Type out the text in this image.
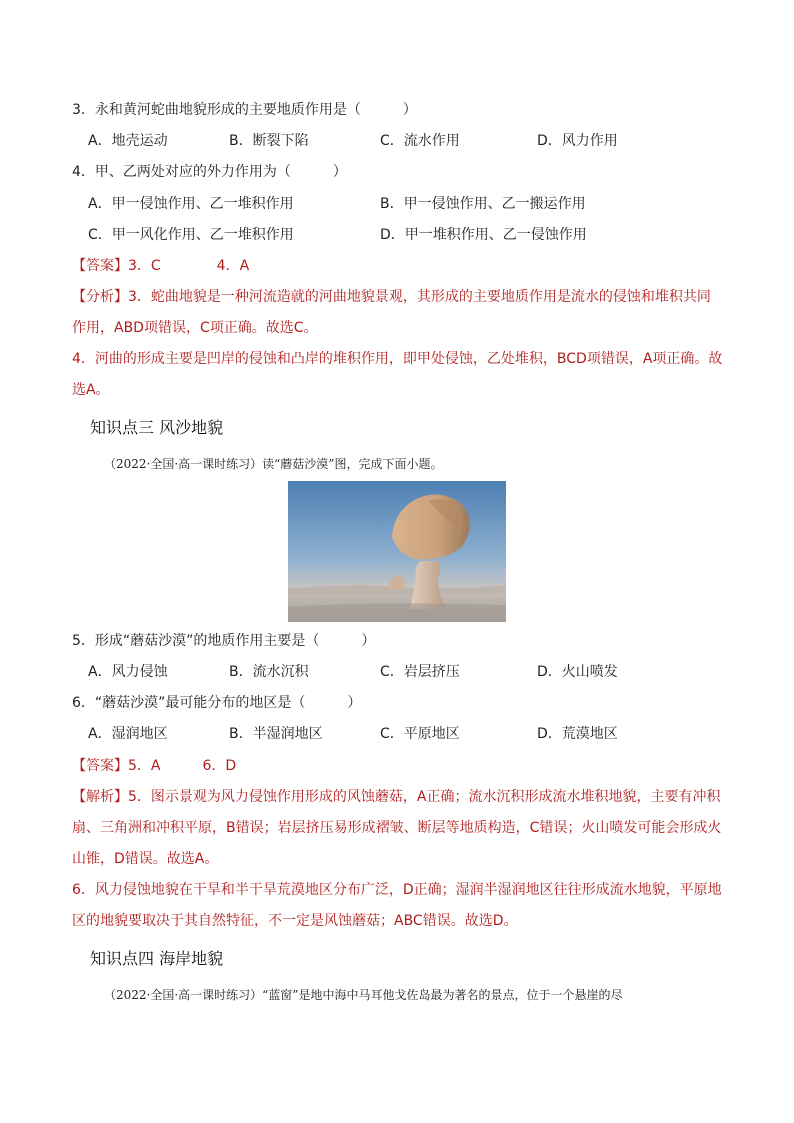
3．永和黄河蛇曲地貌形成的主要地质作用是（　　　）
A．地壳运动	B．断裂下陷	C．流水作用	D．风力作用
4．甲、乙两处对应的外力作用为（　　　）
A．甲一侵蚀作用、乙一堆积作用	B．甲一侵蚀作用、乙一搬运作用
C．甲一风化作用、乙一堆积作用	D．甲一堆积作用、乙一侵蚀作用
【答案】3．C　　　　4．A
【分析】3．蛇曲地貌是一种河流造就的河曲地貌景观，其形成的主要地质作用是流水的侵蚀和堆积共同作用，ABD项错误，C项正确。故选C。
4．河曲的形成主要是凹岸的侵蚀和凸岸的堆积作用，即甲处侵蚀，乙处堆积，BCD项错误，A项正确。故选A。
知识点三 风沙地貌
（2022·全国·高一课时练习）读“蘑菇沙漠”图，完成下面小题。
5．形成“蘑菇沙漠”的地质作用主要是（　　　）
A．风力侵蚀	B．流水沉积	C．岩层挤压	D．火山喷发
6．“蘑菇沙漠”最可能分布的地区是（　　　）
A．湿润地区	B．半湿润地区	C．平原地区	D．荒漠地区
【答案】5．A　　　6．D
【解析】5．图示景观为风力侵蚀作用形成的风蚀蘑菇，A正确；流水沉积形成流水堆积地貌，主要有冲积扇、三角洲和冲积平原，B错误；岩层挤压易形成褶皱、断层等地质构造，C错误；火山喷发可能会形成火山锥，D错误。故选A。
6．风力侵蚀地貌在干旱和半干旱荒漠地区分布广泛，D正确；湿润半湿润地区往往形成流水地貌，平原地区的地貌要取决于其自然特征，不一定是风蚀蘑菇；ABC错误。故选D。
知识点四 海岸地貌
（2022·全国·高一课时练习）“蓝窗”是地中海中马耳他戈佐岛最为著名的景点，位于一个悬崖的尽
